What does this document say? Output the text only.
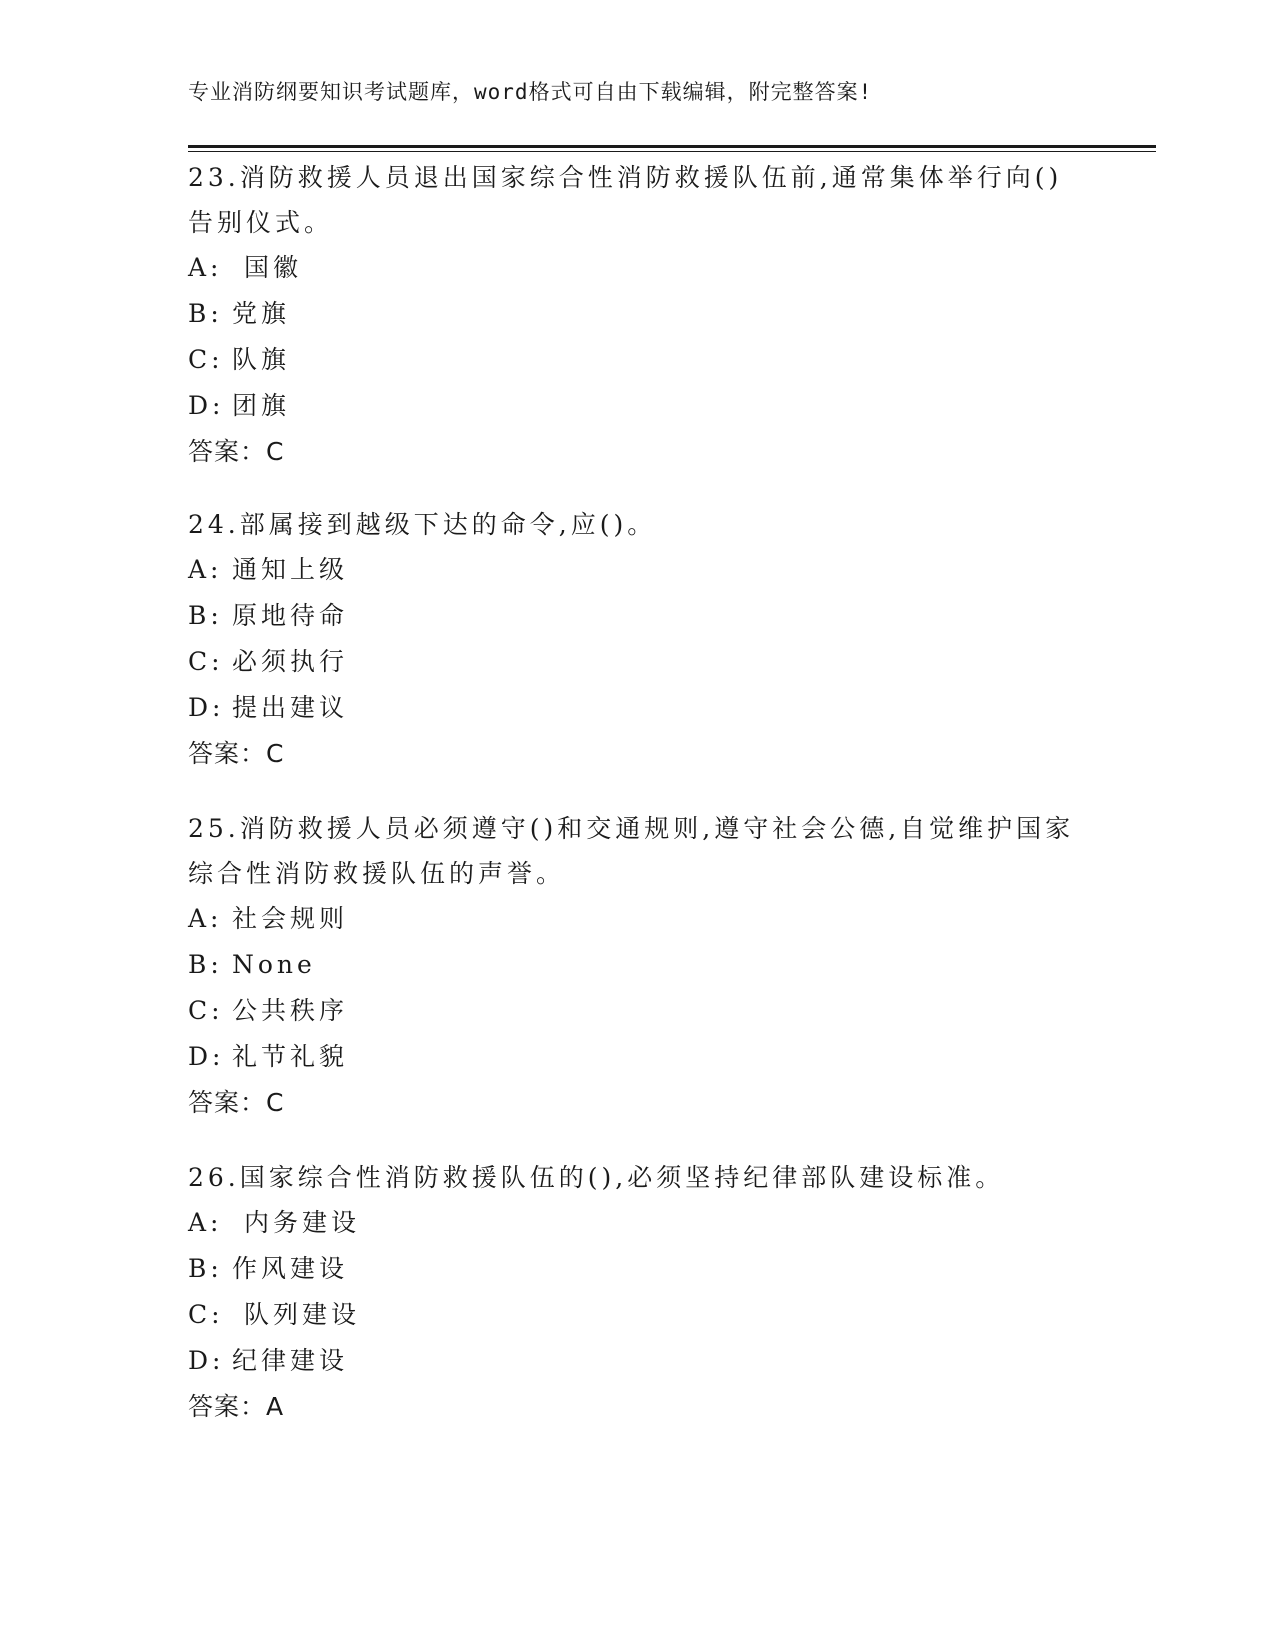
专业消防纲要知识考试题库，word格式可自由下载编辑，附完整答案!

23.消防救援人员退出国家综合性消防救援队伍前,通常集体举行向()告别仪式。

A: 国徽
B: 党旗
C: 队旗
D: 团旗
答案：C

24.部属接到越级下达的命令,应()。

A: 通知上级
B: 原地待命
C: 必须执行
D: 提出建议
答案：C

25.消防救援人员必须遵守()和交通规则,遵守社会公德,自觉维护国家综合性消防救援队伍的声誉。

A: 社会规则
B: None
C: 公共秩序
D: 礼节礼貌
答案：C

26.国家综合性消防救援队伍的(),必须坚持纪律部队建设标准。

A: 内务建设
B: 作风建设
C: 队列建设
D: 纪律建设
答案：A
